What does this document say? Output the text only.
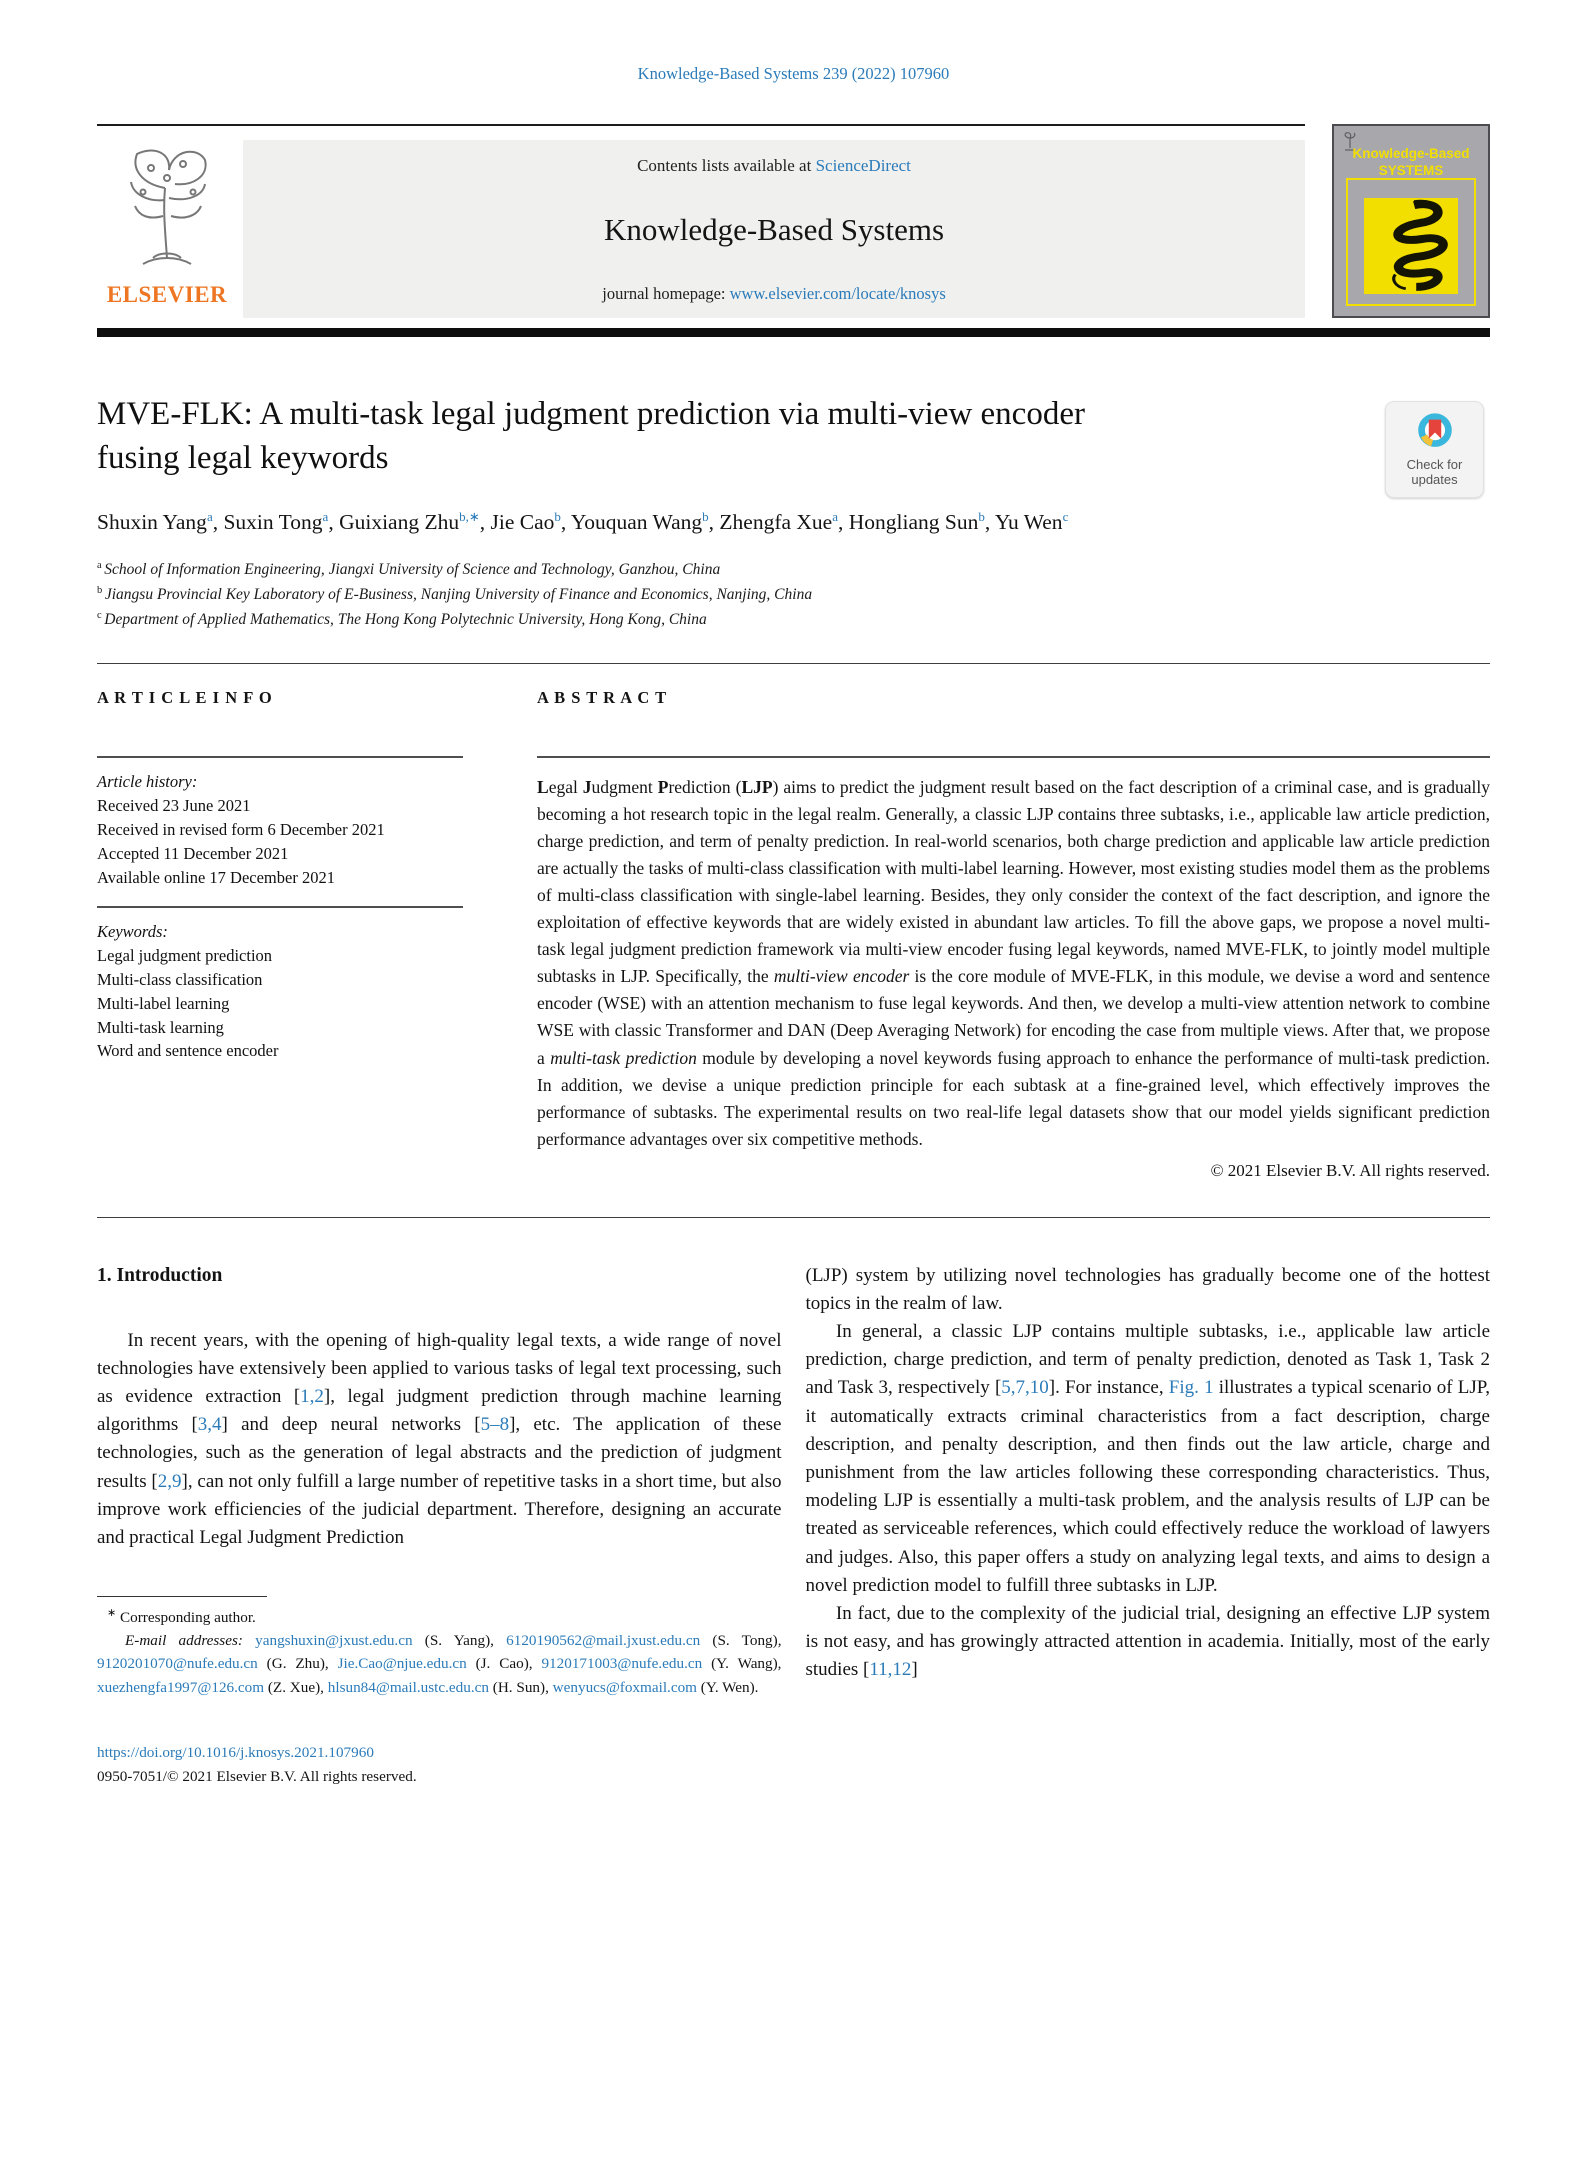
Knowledge-Based Systems 239 (2022) 107960
ELSEVIER
Contents lists available at ScienceDirect
Knowledge-Based Systems
journal homepage: www.elsevier.com/locate/knosys
Knowledge-Based
SYSTEMS
MVE-FLK: A multi-task legal judgment prediction via multi-view encoder fusing legal keywords	Check for
updates
Shuxin Yang$^a$, Suxin Tong$^a$, Guixiang Zhu$^{b,∗}$, Jie Cao$^b$, Youquan Wang$^b$, Zhengfa Xue$^a$, Hongliang Sun$^b$, Yu Wen$^c$
$^a$ School of Information Engineering, Jiangxi University of Science and Technology, Ganzhou, China
$^b$ Jiangsu Provincial Key Laboratory of E-Business, Nanjing University of Finance and Economics, Nanjing, China
$^c$ Department of Applied Mathematics, The Hong Kong Polytechnic University, Hong Kong, China
A R T I C L E I N F O
Article history:
Received 23 June 2021
Received in revised form 6 December 2021
Accepted 11 December 2021
Available online 17 December 2021
Keywords:
Legal judgment prediction
Multi-class classification
Multi-label learning
Multi-task learning
Word and sentence encoder
A B S T R A C T
Legal Judgment Prediction (LJP) aims to predict the judgment result based on the fact description of a criminal case, and is gradually becoming a hot research topic in the legal realm. Generally, a classic LJP contains three subtasks, i.e., applicable law article prediction, charge prediction, and term of penalty prediction. In real-world scenarios, both charge prediction and applicable law article prediction are actually the tasks of multi-class classification with multi-label learning. However, most existing studies model them as the problems of multi-class classification with single-label learning. Besides, they only consider the context of the fact description, and ignore the exploitation of effective keywords that are widely existed in abundant law articles. To fill the above gaps, we propose a novel multi-task legal judgment prediction framework via multi-view encoder fusing legal keywords, named MVE-FLK, to jointly model multiple subtasks in LJP. Specifically, the multi-view encoder is the core module of MVE-FLK, in this module, we devise a word and sentence encoder (WSE) with an attention mechanism to fuse legal keywords. And then, we develop a multi-view attention network to combine WSE with classic Transformer and DAN (Deep Averaging Network) for encoding the case from multiple views. After that, we propose a multi-task prediction module by developing a novel keywords fusing approach to enhance the performance of multi-task prediction. In addition, we devise a unique prediction principle for each subtask at a fine-grained level, which effectively improves the performance of subtasks. The experimental results on two real-life legal datasets show that our model yields significant prediction performance advantages over six competitive methods.
© 2021 Elsevier B.V. All rights reserved.
1. Introduction

In recent years, with the opening of high-quality legal texts, a wide range of novel technologies have extensively been applied to various tasks of legal text processing, such as evidence extraction [1,2], legal judgment prediction through machine learning algorithms [3,4] and deep neural networks [5–8], etc. The application of these technologies, such as the generation of legal abstracts and the prediction of judgment results [2,9], can not only fulfill a large number of repetitive tasks in a short time, but also improve work efficiencies of the judicial department. Therefore, designing an accurate and practical Legal Judgment Prediction

∗ Corresponding author.
E-mail addresses: yangshuxin@jxust.edu.cn (S. Yang), 6120190562@mail.jxust.edu.cn (S. Tong), 9120201070@nufe.edu.cn (G. Zhu), Jie.Cao@njue.edu.cn (J. Cao), 9120171003@nufe.edu.cn (Y. Wang), xuezhengfa1997@126.com (Z. Xue), hlsun84@mail.ustc.edu.cn (H. Sun), wenyucs@foxmail.com (Y. Wen).
https://doi.org/10.1016/j.knosys.2021.107960
0950-7051/© 2021 Elsevier B.V. All rights reserved.

(LJP) system by utilizing novel technologies has gradually become one of the hottest topics in the realm of law.

In general, a classic LJP contains multiple subtasks, i.e., applicable law article prediction, charge prediction, and term of penalty prediction, denoted as Task 1, Task 2 and Task 3, respectively [5,7,10]. For instance, Fig. 1 illustrates a typical scenario of LJP, it automatically extracts criminal characteristics from a fact description, charge description, and penalty description, and then finds out the law article, charge and punishment from the law articles following these corresponding characteristics. Thus, modeling LJP is essentially a multi-task problem, and the analysis results of LJP can be treated as serviceable references, which could effectively reduce the workload of lawyers and judges. Also, this paper offers a study on analyzing legal texts, and aims to design a novel prediction model to fulfill three subtasks in LJP.

In fact, due to the complexity of the judicial trial, designing an effective LJP system is not easy, and has growingly attracted attention in academia. Initially, most of the early studies [11,12]
